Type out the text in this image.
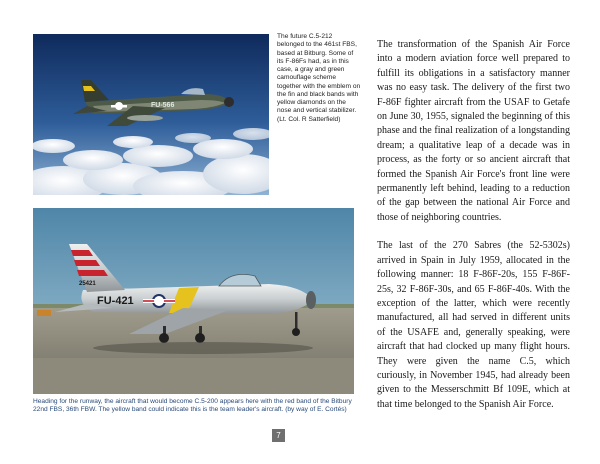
FU-566
The future C.5-212 belonged to the 461st FBS, based at Bitburg. Some of its F-86Fs had, as in this case, a gray and green camouflage scheme together with the emblem on the fin and black bands with yellow diamonds on the nose and vertical stabilizer. (Lt. Col. R Satterfield)
25421
FU-421
Heading for the runway, the aircraft that would become C.5-200 appears here with the red band of the Bitbury 22nd FBS, 36th FBW. The yellow band could indicate this is the team leader's aircraft. (by way of E. Cortés)

The transformation of the Spanish Air Force into a modern aviation force well prepared to fulfill its obligations in a satisfactory manner was no easy task. The delivery of the first two F-86F fighter aircraft from the USAF to Getafe on June 30, 1955, signaled the beginning of this phase and the final realization of a longstanding dream; a qualitative leap of a decade was in process, as the forty or so ancient aircraft that formed the Spanish Air Force's front line were permanently left behind, leading to a reduction of the gap between the national Air Force and those of neighboring countries.

The last of the 270 Sabres (the 52-5302s) arrived in Spain in July 1959, allocated in the following manner: 18 F-86F-20s, 155 F-86F-25s, 32 F-86F-30s, and 65 F-86F-40s. With the exception of the latter, which were recently manufactured, all had served in different units of the USAFE and, generally speaking, were aircraft that had clocked up many flight hours. They were given the name C.5, which curiously, in November 1945, had already been given to the Messerschmitt Bf 109E, which at that time belonged to the Spanish Air Force.

7
